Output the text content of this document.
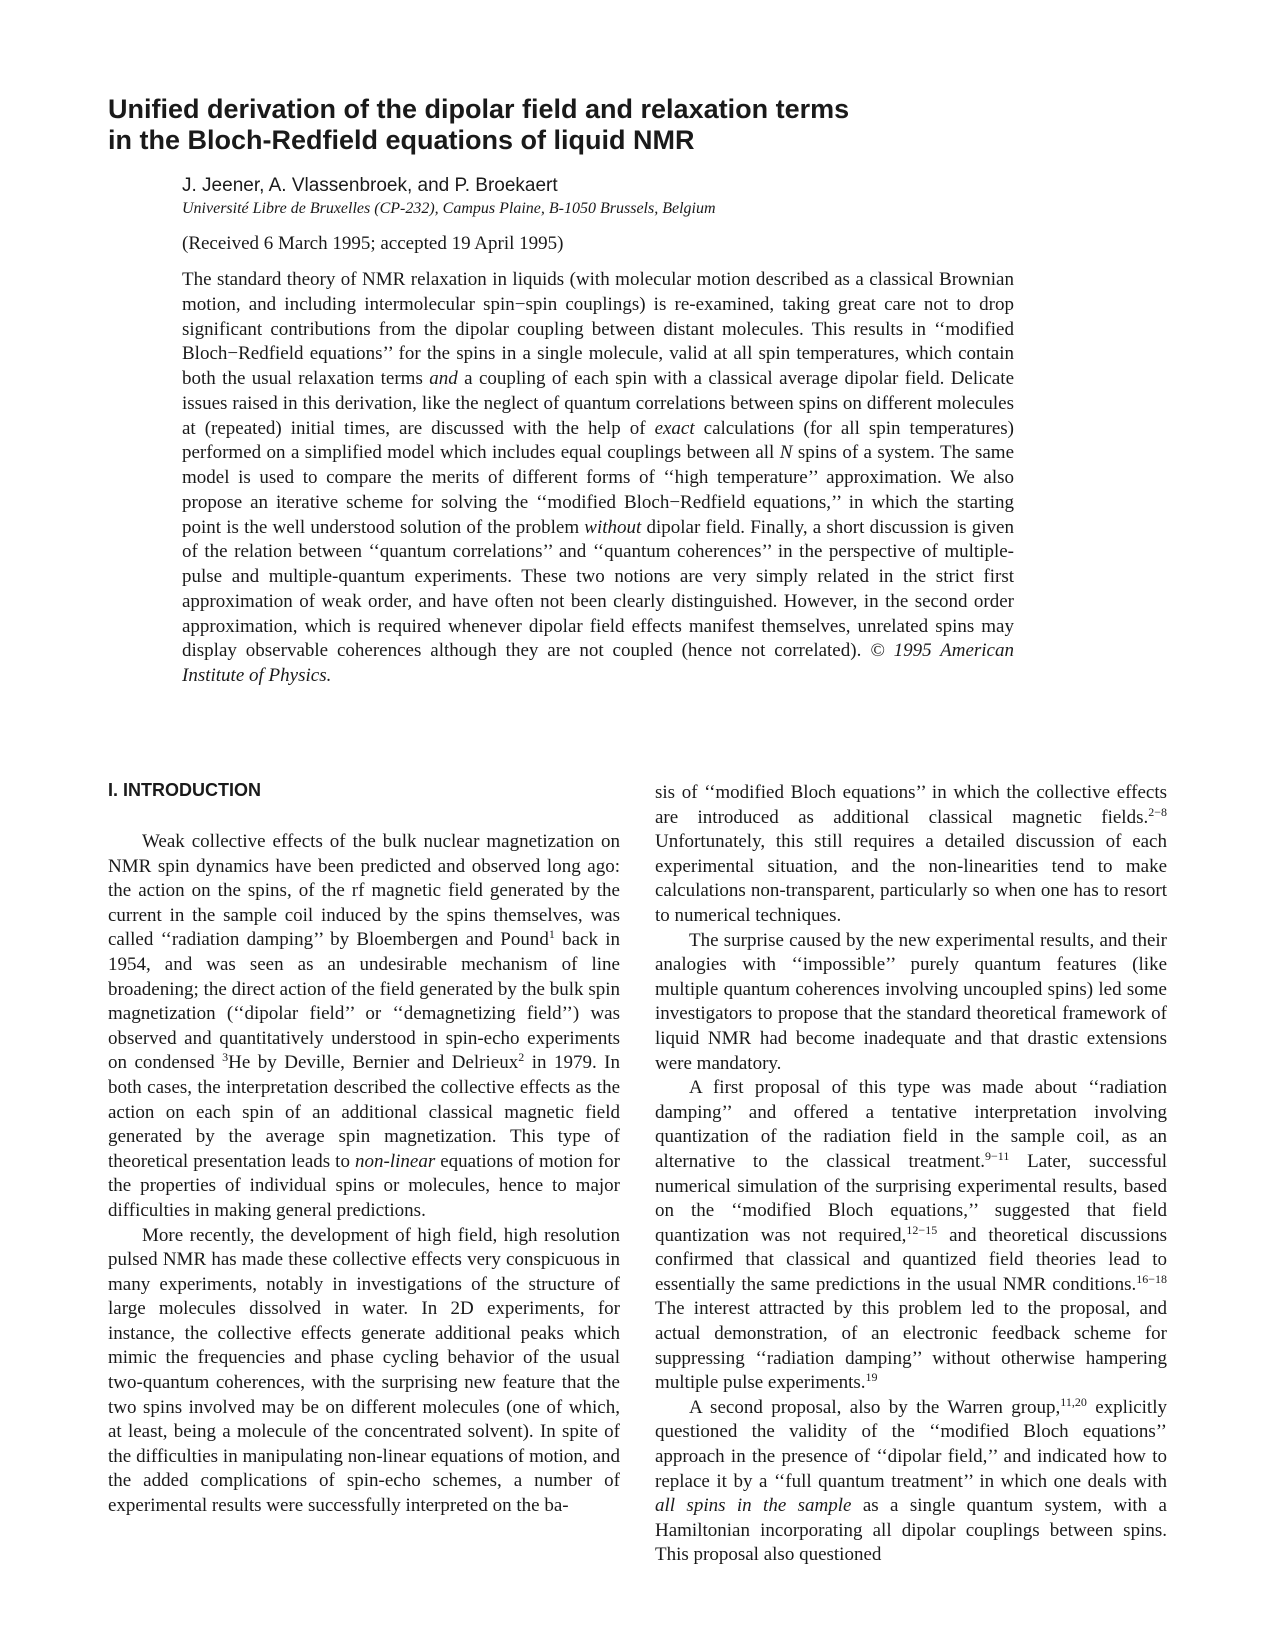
Unified derivation of the dipolar field and relaxation terms
in the Bloch-Redfield equations of liquid NMR

J. Jeener, A. Vlassenbroek, and P. Broekaert

Université Libre de Bruxelles (CP-232), Campus Plaine, B-1050 Brussels, Belgium

(Received 6 March 1995; accepted 19 April 1995)

The standard theory of NMR relaxation in liquids (with molecular motion described as a classical Brownian motion, and including intermolecular spin−spin couplings) is re-examined, taking great care not to drop significant contributions from the dipolar coupling between distant molecules. This results in ‘‘modified Bloch−Redfield equations’’ for the spins in a single molecule, valid at all spin temperatures, which contain both the usual relaxation terms and a coupling of each spin with a classical average dipolar field. Delicate issues raised in this derivation, like the neglect of quantum correlations between spins on different molecules at (repeated) initial times, are discussed with the help of exact calculations (for all spin temperatures) performed on a simplified model which includes equal couplings between all N spins of a system. The same model is used to compare the merits of different forms of ‘‘high temperature’’ approximation. We also propose an iterative scheme for solving the ‘‘modified Bloch−Redfield equations,’’ in which the starting point is the well understood solution of the problem without dipolar field. Finally, a short discussion is given of the relation between ‘‘quantum correlations’’ and ‘‘quantum coherences’’ in the perspective of multiple-pulse and multiple-quantum experiments. These two notions are very simply related in the strict first approximation of weak order, and have often not been clearly distinguished. However, in the second order approximation, which is required whenever dipolar field effects manifest themselves, unrelated spins may display observable coherences although they are not coupled (hence not correlated). © 1995 American Institute of Physics.

I. INTRODUCTION

Weak collective effects of the bulk nuclear magnetization on NMR spin dynamics have been predicted and observed long ago: the action on the spins, of the rf magnetic field generated by the current in the sample coil induced by the spins themselves, was called ‘‘radiation damping’’ by Bloembergen and Pound$^1$ back in 1954, and was seen as an undesirable mechanism of line broadening; the direct action of the field generated by the bulk spin magnetization (‘‘dipolar field’’ or ‘‘demagnetizing field’’) was observed and quantitatively understood in spin-echo experiments on condensed $^3$He by Deville, Bernier and Delrieux$^2$ in 1979. In both cases, the interpretation described the collective effects as the action on each spin of an additional classical magnetic field generated by the average spin magnetization. This type of theoretical presentation leads to non-linear equations of motion for the properties of individual spins or molecules, hence to major difficulties in making general predictions.

More recently, the development of high field, high resolution pulsed NMR has made these collective effects very conspicuous in many experiments, notably in investigations of the structure of large molecules dissolved in water. In 2D experiments, for instance, the collective effects generate additional peaks which mimic the frequencies and phase cycling behavior of the usual two-quantum coherences, with the surprising new feature that the two spins involved may be on different molecules (one of which, at least, being a molecule of the concentrated solvent). In spite of the difficulties in manipulating non-linear equations of motion, and the added complications of spin-echo schemes, a number of experimental results were successfully interpreted on the ba-

sis of ‘‘modified Bloch equations’’ in which the collective effects are introduced as additional classical magnetic fields.$^{2-8}$ Unfortunately, this still requires a detailed discussion of each experimental situation, and the non-linearities tend to make calculations non-transparent, particularly so when one has to resort to numerical techniques.

The surprise caused by the new experimental results, and their analogies with ‘‘impossible’’ purely quantum features (like multiple quantum coherences involving uncoupled spins) led some investigators to propose that the standard theoretical framework of liquid NMR had become inadequate and that drastic extensions were mandatory.

A first proposal of this type was made about ‘‘radiation damping’’ and offered a tentative interpretation involving quantization of the radiation field in the sample coil, as an alternative to the classical treatment.$^{9-11}$ Later, successful numerical simulation of the surprising experimental results, based on the ‘‘modified Bloch equations,’’ suggested that field quantization was not required,$^{12-15}$ and theoretical discussions confirmed that classical and quantized field theories lead to essentially the same predictions in the usual NMR conditions.$^{16-18}$ The interest attracted by this problem led to the proposal, and actual demonstration, of an electronic feedback scheme for suppressing ‘‘radiation damping’’ without otherwise hampering multiple pulse experiments.$^{19}$

A second proposal, also by the Warren group,$^{11,20}$ explicitly questioned the validity of the ‘‘modified Bloch equations’’ approach in the presence of ‘‘dipolar field,’’ and indicated how to replace it by a ‘‘full quantum treatment’’ in which one deals with all spins in the sample as a single quantum system, with a Hamiltonian incorporating all dipolar couplings between spins. This proposal also questioned
